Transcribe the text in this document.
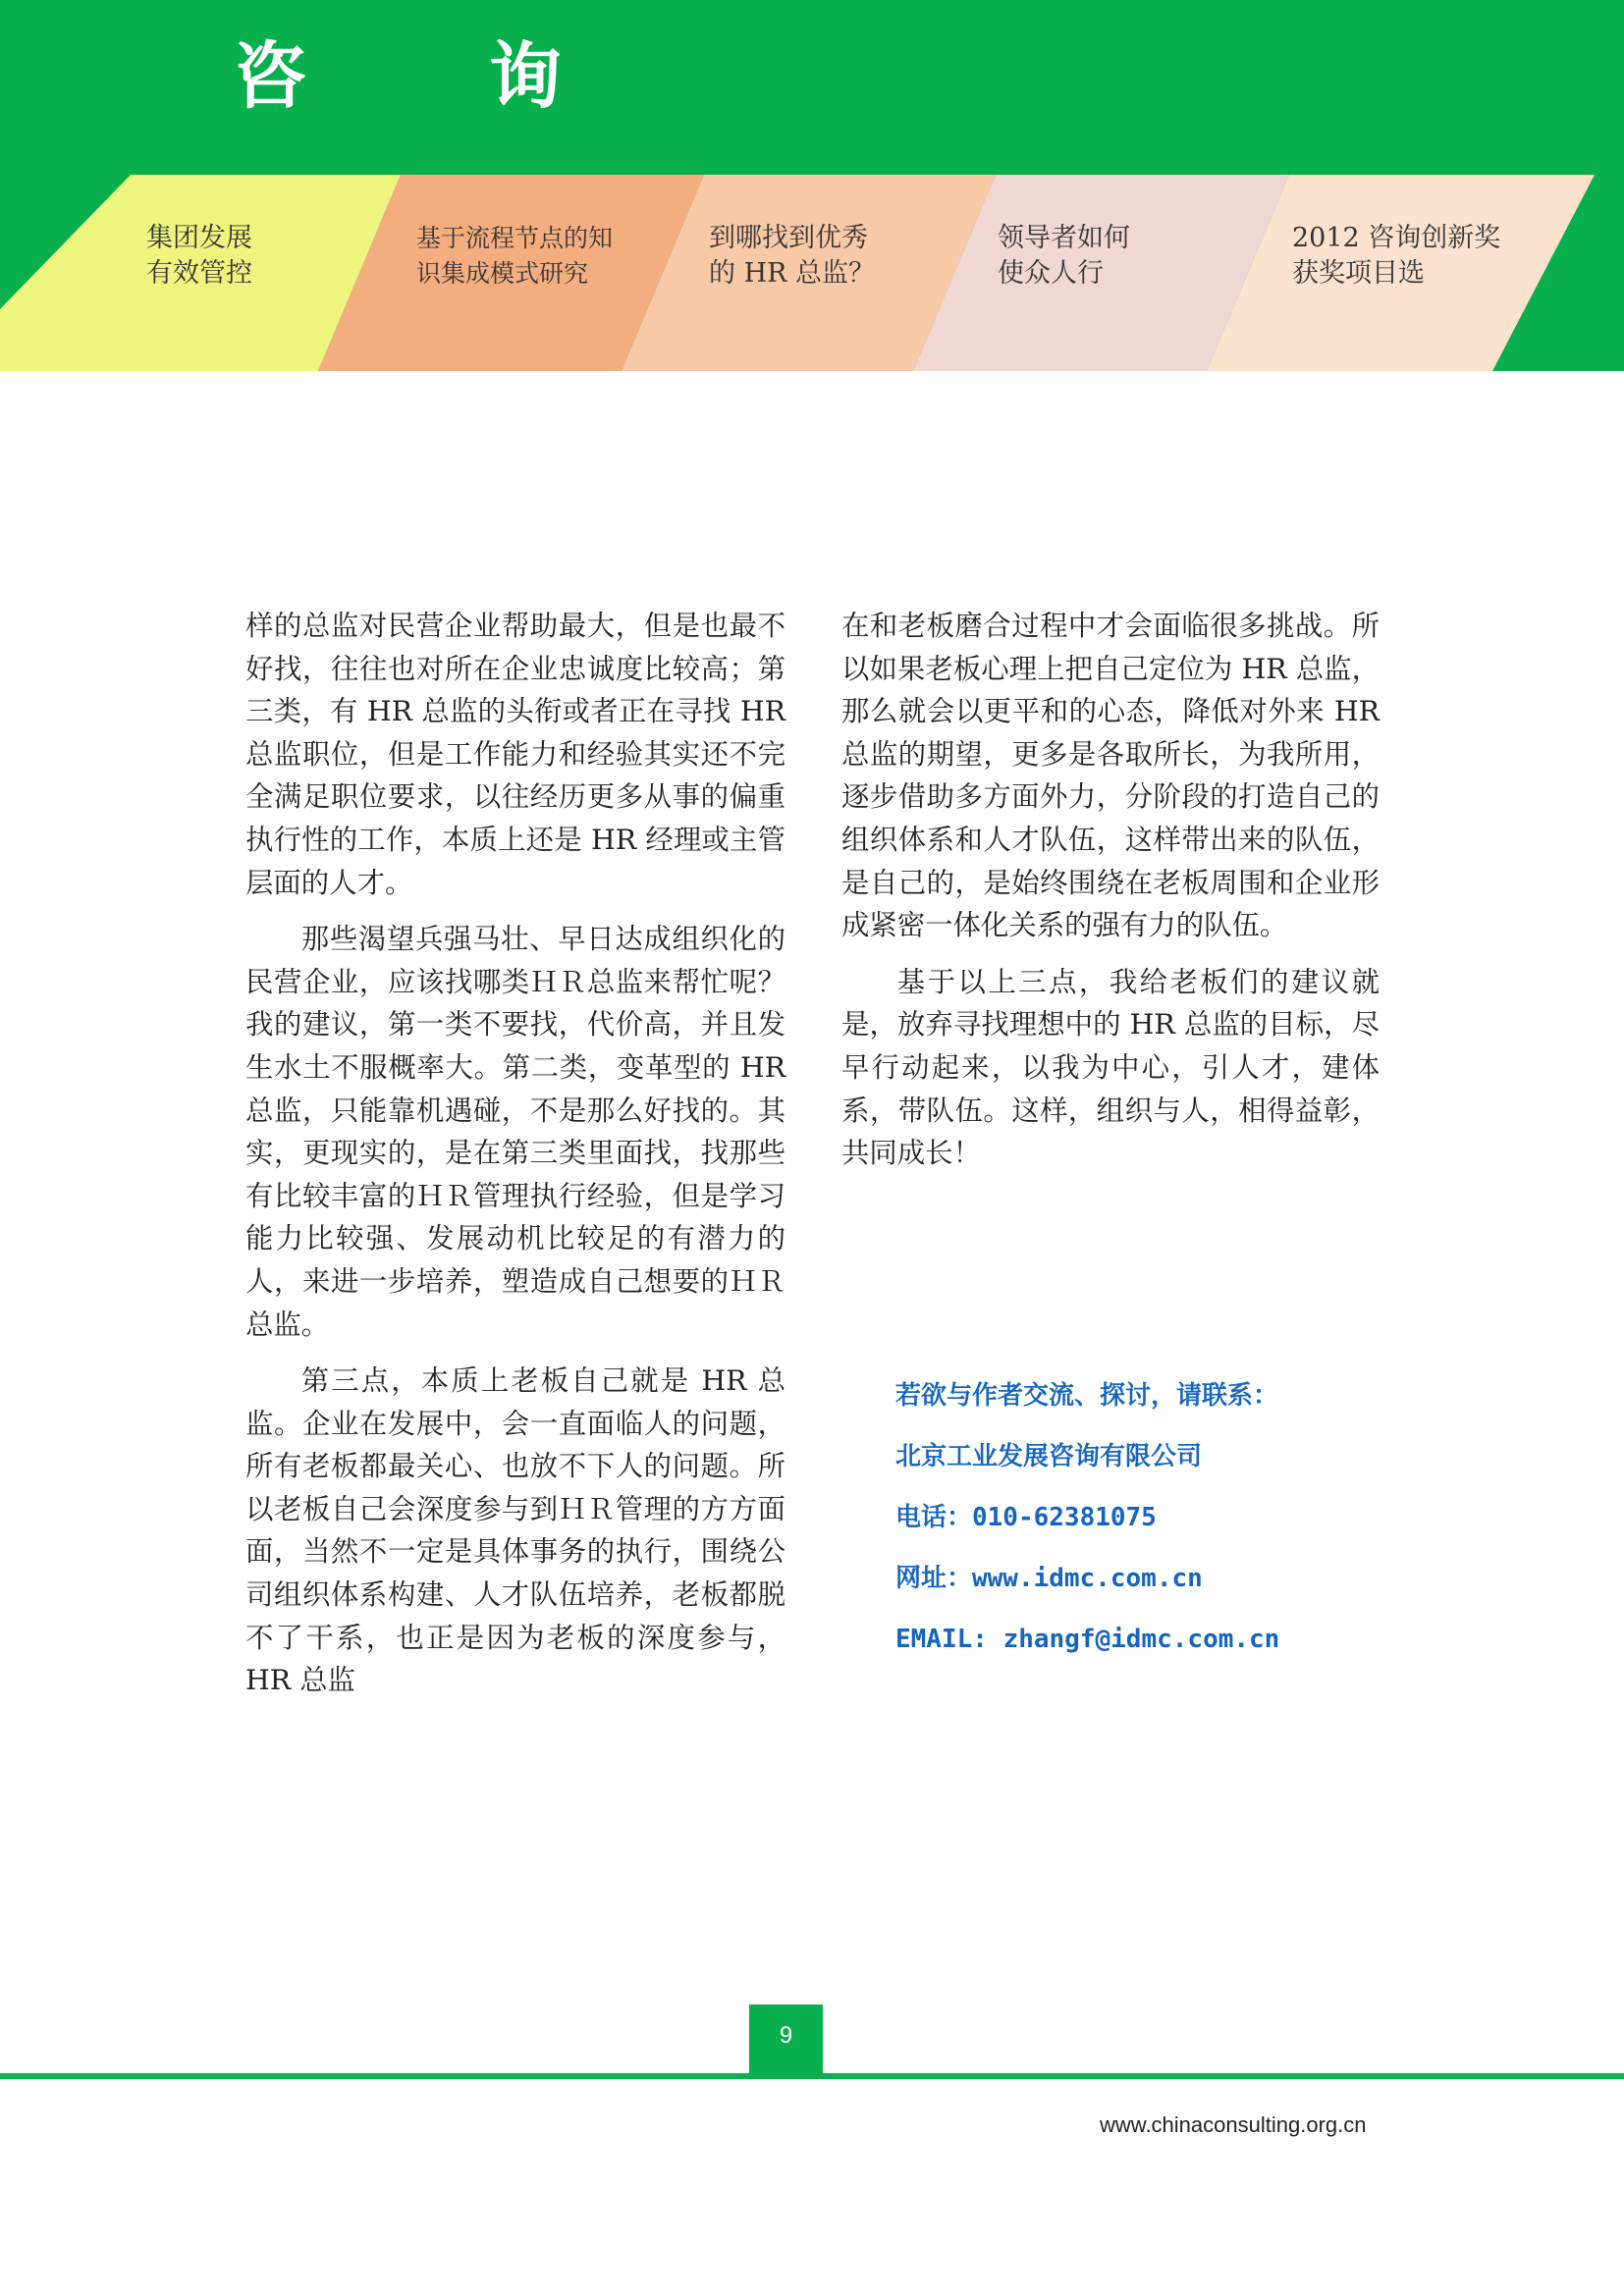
咨 询
集团发展
有效管控
基于流程节点的知
识集成模式研究
到哪找到优秀
的 HR 总监？
领导者如何
使众人行
2012 咨询创新奖
获奖项目选

样的总监对民营企业帮助最大，但是也最不好找，往往也对所在企业忠诚度比较高；第三类，有 HR 总监的头衔或者正在寻找 HR 总监职位，但是工作能力和经验其实还不完全满足职位要求，以往经历更多从事的偏重执行性的工作，本质上还是 HR 经理或主管层面的人才。

那些渴望兵强马壮、早日达成组织化的民营企业，应该找哪类ＨＲ总监来帮忙呢？我的建议，第一类不要找，代价高，并且发生水土不服概率大。第二类，变革型的 HR 总监，只能靠机遇碰，不是那么好找的。其实，更现实的，是在第三类里面找，找那些有比较丰富的ＨＲ管理执行经验，但是学习能力比较强、发展动机比较足的有潜力的人，来进一步培养，塑造成自己想要的ＨＲ总监。

第三点，本质上老板自己就是 HR 总监。企业在发展中，会一直面临人的问题，所有老板都最关心、也放不下人的问题。所以老板自己会深度参与到ＨＲ管理的方方面面，当然不一定是具体事务的执行，围绕公司组织体系构建、人才队伍培养，老板都脱不了干系，也正是因为老板的深度参与，HR 总监

在和老板磨合过程中才会面临很多挑战。所以如果老板心理上把自己定位为 HR 总监，那么就会以更平和的心态，降低对外来 HR 总监的期望，更多是各取所长，为我所用，逐步借助多方面外力，分阶段的打造自己的组织体系和人才队伍，这样带出来的队伍，是自己的，是始终围绕在老板周围和企业形成紧密一体化关系的强有力的队伍。

基于以上三点，我给老板们的建议就是，放弃寻找理想中的 HR 总监的目标，尽早行动起来，以我为中心，引人才，建体系，带队伍。这样，组织与人，相得益彰，共同成长！

若欲与作者交流、探讨，请联系：
北京工业发展咨询有限公司
电话：010-62381075
网址：www.idmc.com.cn
EMAIL: zhangf@idmc.com.cn
9
www.chinaconsulting.org.cn
